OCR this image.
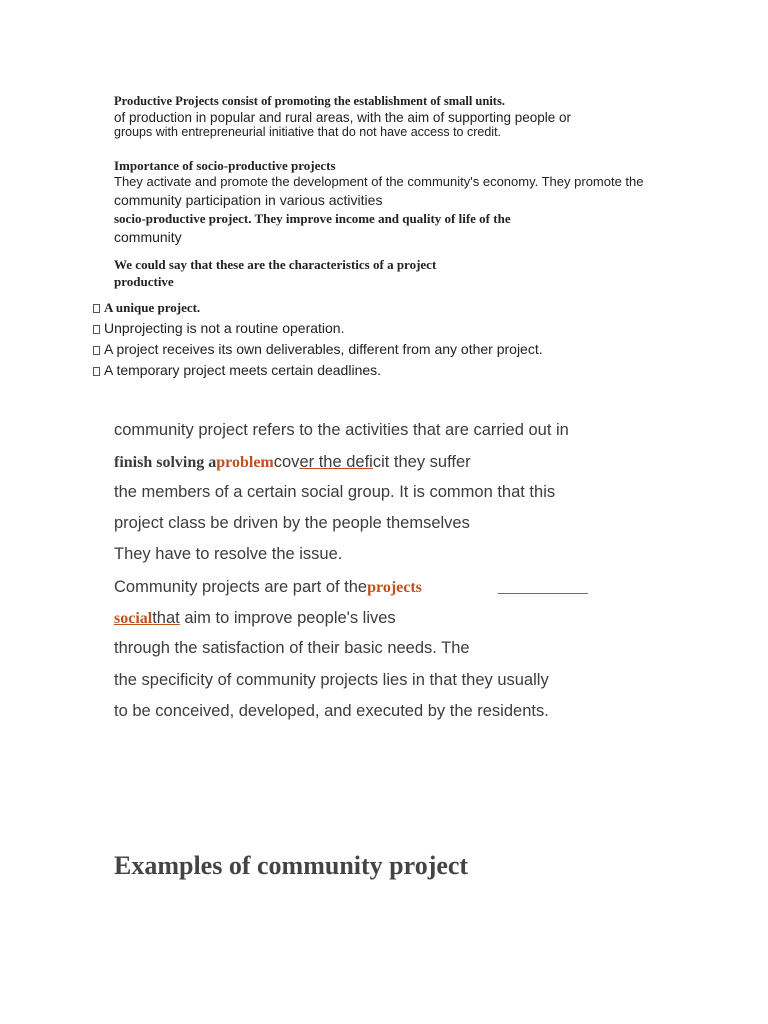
Productive Projects consist of promoting the establishment of small units.
of production in popular and rural areas, with the aim of supporting people or
groups with entrepreneurial initiative that do not have access to credit.
Importance of socio-productive projects
They activate and promote the development of the community's economy. They promote the
community participation in various activities
socio-productive project. They improve income and quality of life of the
community
We could say that these are the characteristics of a project
productive
A unique project.
Unprojecting is not a routine operation.
A project receives its own deliverables, different from any other project.
A temporary project meets certain deadlines.
community project refers to the activities that are carried out in
finish solving aproblemcover the deficit they suffer
the members of a certain social group. It is common that this
project class be driven by the people themselves
They have to resolve the issue.
Community projects are part of theprojects
socialthat aim to improve people's lives
through the satisfaction of their basic needs. The
the specificity of community projects lies in that they usually
to be conceived, developed, and executed by the residents.
Examples of community project
